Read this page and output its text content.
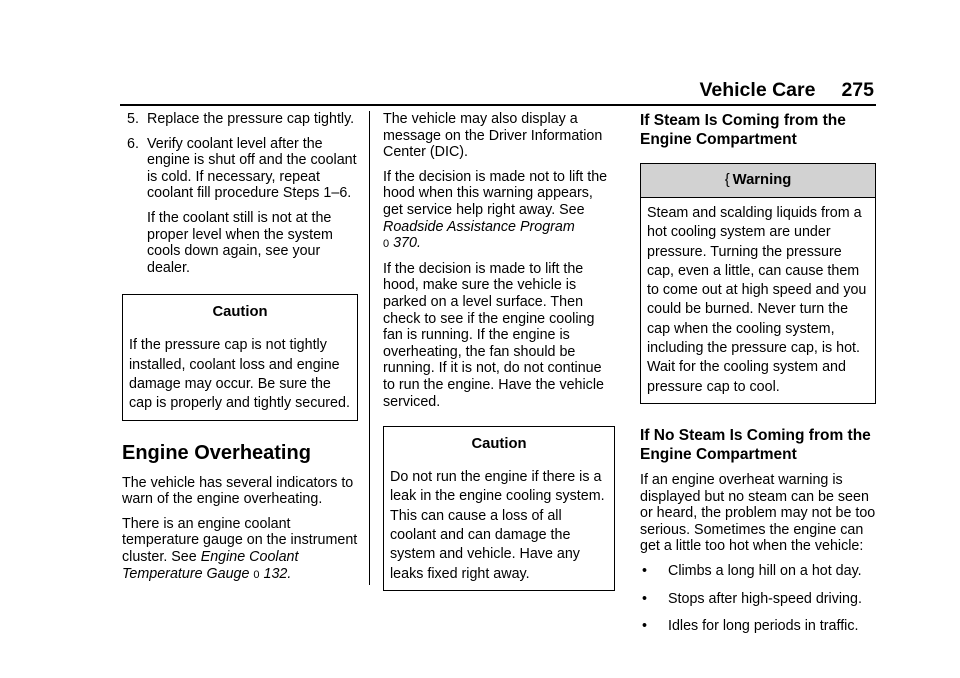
Vehicle Care 275
5. Replace the pressure cap tightly.

6. Verify coolant level after the engine is shut off and the coolant is cold. If necessary, repeat coolant fill procedure Steps 1–6.

If the coolant still is not at the proper level when the system cools down again, see your dealer.

Caution
If the pressure cap is not tightly installed, coolant loss and engine damage may occur. Be sure the cap is properly and tightly secured.
Engine Overheating

The vehicle has several indicators to warn of the engine overheating.

There is an engine coolant temperature gauge on the instrument cluster. See Engine Coolant Temperature Gauge 0 132.

The vehicle may also display a message on the Driver Information Center (DIC).

If the decision is made not to lift the hood when this warning appears, get service help right away. See Roadside Assistance Program
0 370.

If the decision is made to lift the hood, make sure the vehicle is parked on a level surface. Then check to see if the engine cooling fan is running. If the engine is overheating, the fan should be running. If it is not, do not continue to run the engine. Have the vehicle serviced.

Caution
Do not run the engine if there is a leak in the engine cooling system. This can cause a loss of all coolant and can damage the system and vehicle. Have any leaks fixed right away.
If Steam Is Coming from the Engine Compartment
{ Warning
Steam and scalding liquids from a hot cooling system are under pressure. Turning the pressure cap, even a little, can cause them to come out at high speed and you could be burned. Never turn the cap when the cooling system, including the pressure cap, is hot. Wait for the cooling system and pressure cap to cool.
If No Steam Is Coming from the Engine Compartment

If an engine overheat warning is displayed but no steam can be seen or heard, the problem may not be too serious. Sometimes the engine can get a little too hot when the vehicle:

•	Climbs a long hill on a hot day.
•	Stops after high-speed driving.
•	Idles for long periods in traffic.
